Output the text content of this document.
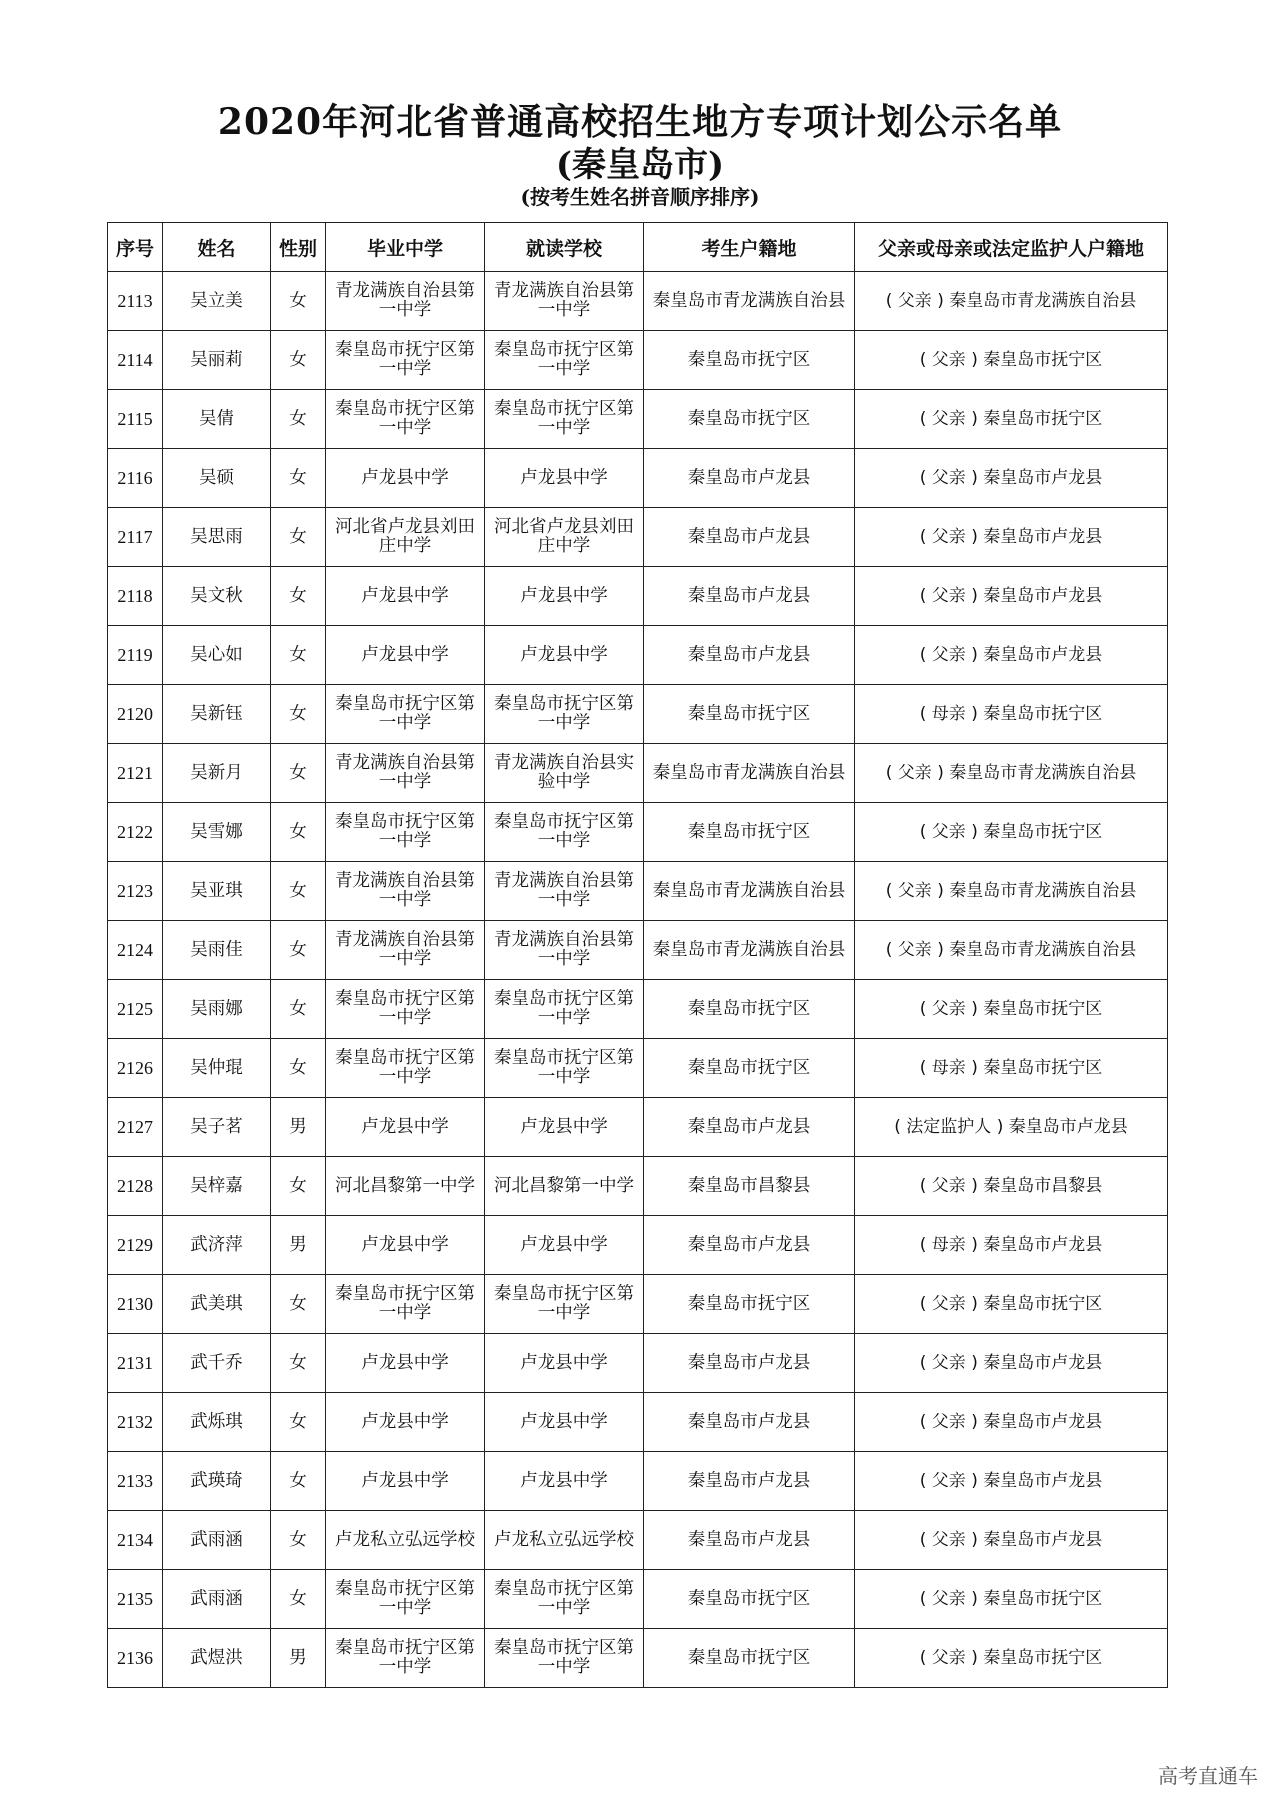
2020年河北省普通高校招生地方专项计划公示名单
(秦皇岛市)
(按考生姓名拼音顺序排序)
序号	姓名	性别	毕业中学	就读学校	考生户籍地	父亲或母亲或法定监护人户籍地
2113	吴立美	女	青龙满族自治县第一中学	青龙满族自治县第一中学	秦皇岛市青龙满族自治县	( 父亲 ) 秦皇岛市青龙满族自治县
2114	吴丽莉	女	秦皇岛市抚宁区第一中学	秦皇岛市抚宁区第一中学	秦皇岛市抚宁区	( 父亲 ) 秦皇岛市抚宁区
2115	吴倩	女	秦皇岛市抚宁区第一中学	秦皇岛市抚宁区第一中学	秦皇岛市抚宁区	( 父亲 ) 秦皇岛市抚宁区
2116	吴硕	女	卢龙县中学	卢龙县中学	秦皇岛市卢龙县	( 父亲 ) 秦皇岛市卢龙县
2117	吴思雨	女	河北省卢龙县刘田庄中学	河北省卢龙县刘田庄中学	秦皇岛市卢龙县	( 父亲 ) 秦皇岛市卢龙县
2118	吴文秋	女	卢龙县中学	卢龙县中学	秦皇岛市卢龙县	( 父亲 ) 秦皇岛市卢龙县
2119	吴心如	女	卢龙县中学	卢龙县中学	秦皇岛市卢龙县	( 父亲 ) 秦皇岛市卢龙县
2120	吴新钰	女	秦皇岛市抚宁区第一中学	秦皇岛市抚宁区第一中学	秦皇岛市抚宁区	( 母亲 ) 秦皇岛市抚宁区
2121	吴新月	女	青龙满族自治县第一中学	青龙满族自治县实验中学	秦皇岛市青龙满族自治县	( 父亲 ) 秦皇岛市青龙满族自治县
2122	吴雪娜	女	秦皇岛市抚宁区第一中学	秦皇岛市抚宁区第一中学	秦皇岛市抚宁区	( 父亲 ) 秦皇岛市抚宁区
2123	吴亚琪	女	青龙满族自治县第一中学	青龙满族自治县第一中学	秦皇岛市青龙满族自治县	( 父亲 ) 秦皇岛市青龙满族自治县
2124	吴雨佳	女	青龙满族自治县第一中学	青龙满族自治县第一中学	秦皇岛市青龙满族自治县	( 父亲 ) 秦皇岛市青龙满族自治县
2125	吴雨娜	女	秦皇岛市抚宁区第一中学	秦皇岛市抚宁区第一中学	秦皇岛市抚宁区	( 父亲 ) 秦皇岛市抚宁区
2126	吴仲琨	女	秦皇岛市抚宁区第一中学	秦皇岛市抚宁区第一中学	秦皇岛市抚宁区	( 母亲 ) 秦皇岛市抚宁区
2127	吴子茗	男	卢龙县中学	卢龙县中学	秦皇岛市卢龙县	( 法定监护人 ) 秦皇岛市卢龙县
2128	吴梓嘉	女	河北昌黎第一中学	河北昌黎第一中学	秦皇岛市昌黎县	( 父亲 ) 秦皇岛市昌黎县
2129	武济萍	男	卢龙县中学	卢龙县中学	秦皇岛市卢龙县	( 母亲 ) 秦皇岛市卢龙县
2130	武美琪	女	秦皇岛市抚宁区第一中学	秦皇岛市抚宁区第一中学	秦皇岛市抚宁区	( 父亲 ) 秦皇岛市抚宁区
2131	武千乔	女	卢龙县中学	卢龙县中学	秦皇岛市卢龙县	( 父亲 ) 秦皇岛市卢龙县
2132	武烁琪	女	卢龙县中学	卢龙县中学	秦皇岛市卢龙县	( 父亲 ) 秦皇岛市卢龙县
2133	武瑛琦	女	卢龙县中学	卢龙县中学	秦皇岛市卢龙县	( 父亲 ) 秦皇岛市卢龙县
2134	武雨涵	女	卢龙私立弘远学校	卢龙私立弘远学校	秦皇岛市卢龙县	( 父亲 ) 秦皇岛市卢龙县
2135	武雨涵	女	秦皇岛市抚宁区第一中学	秦皇岛市抚宁区第一中学	秦皇岛市抚宁区	( 父亲 ) 秦皇岛市抚宁区
2136	武煜洪	男	秦皇岛市抚宁区第一中学	秦皇岛市抚宁区第一中学	秦皇岛市抚宁区	( 父亲 ) 秦皇岛市抚宁区
高考直通车
